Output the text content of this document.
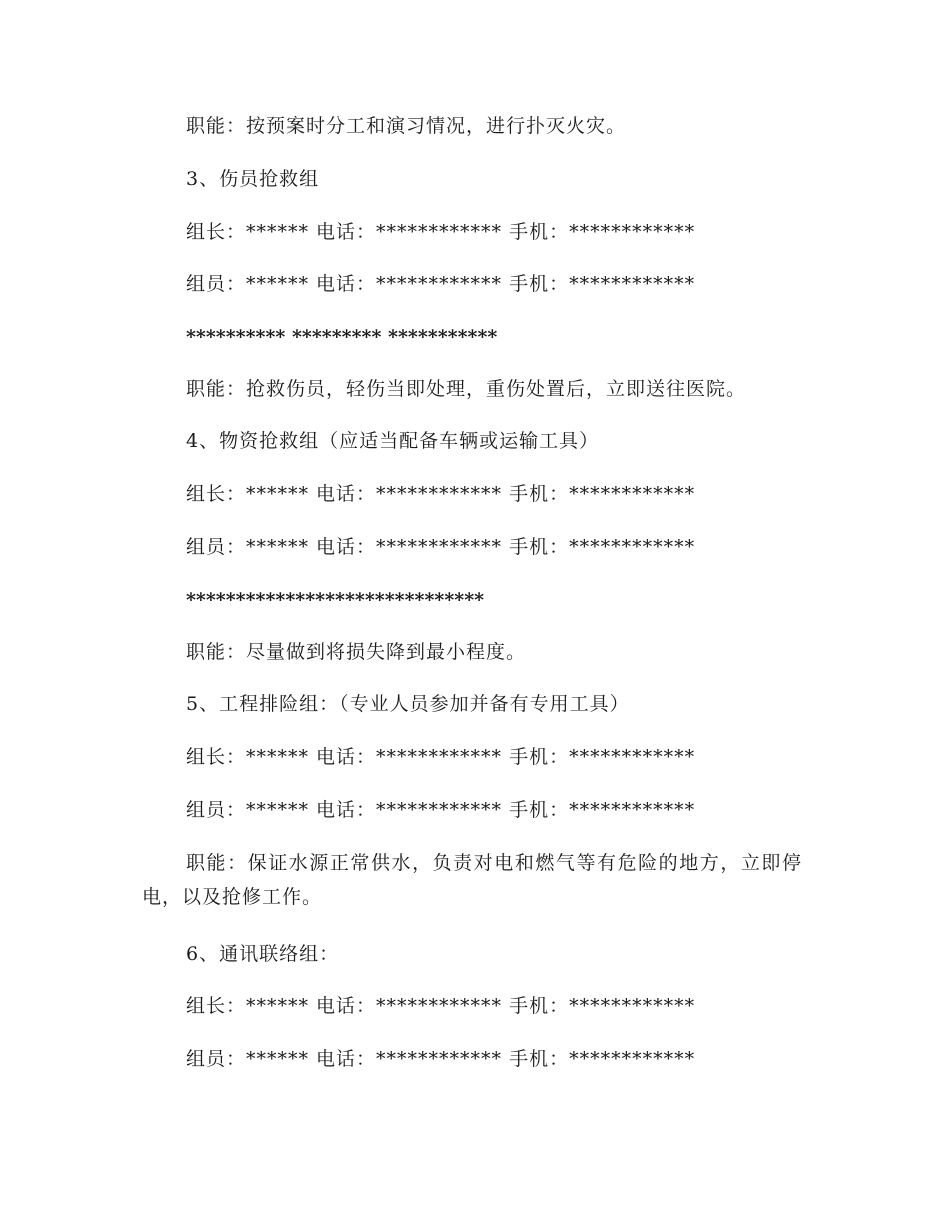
职能：按预案时分工和演习情况，进行扑灭火灾。
3、伤员抢救组
组长：****** 电话：************ 手机：************
组员：****** 电话：************ 手机：************
********** ********* ***********
职能：抢救伤员，轻伤当即处理，重伤处置后，立即送往医院。
4、物资抢救组（应适当配备车辆或运输工具）
组长：****** 电话：************ 手机：************
组员：****** 电话：************ 手机：************
******************************
职能：尽量做到将损失降到最小程度。
5、工程排险组：（专业人员参加并备有专用工具）
组长：****** 电话：************ 手机：************
组员：****** 电话：************ 手机：************
职能：保证水源正常供水，负责对电和燃气等有危险的地方，立即停电，以及抢修工作。
6、通讯联络组：
组长：****** 电话：************ 手机：************
组员：****** 电话：************ 手机：************
